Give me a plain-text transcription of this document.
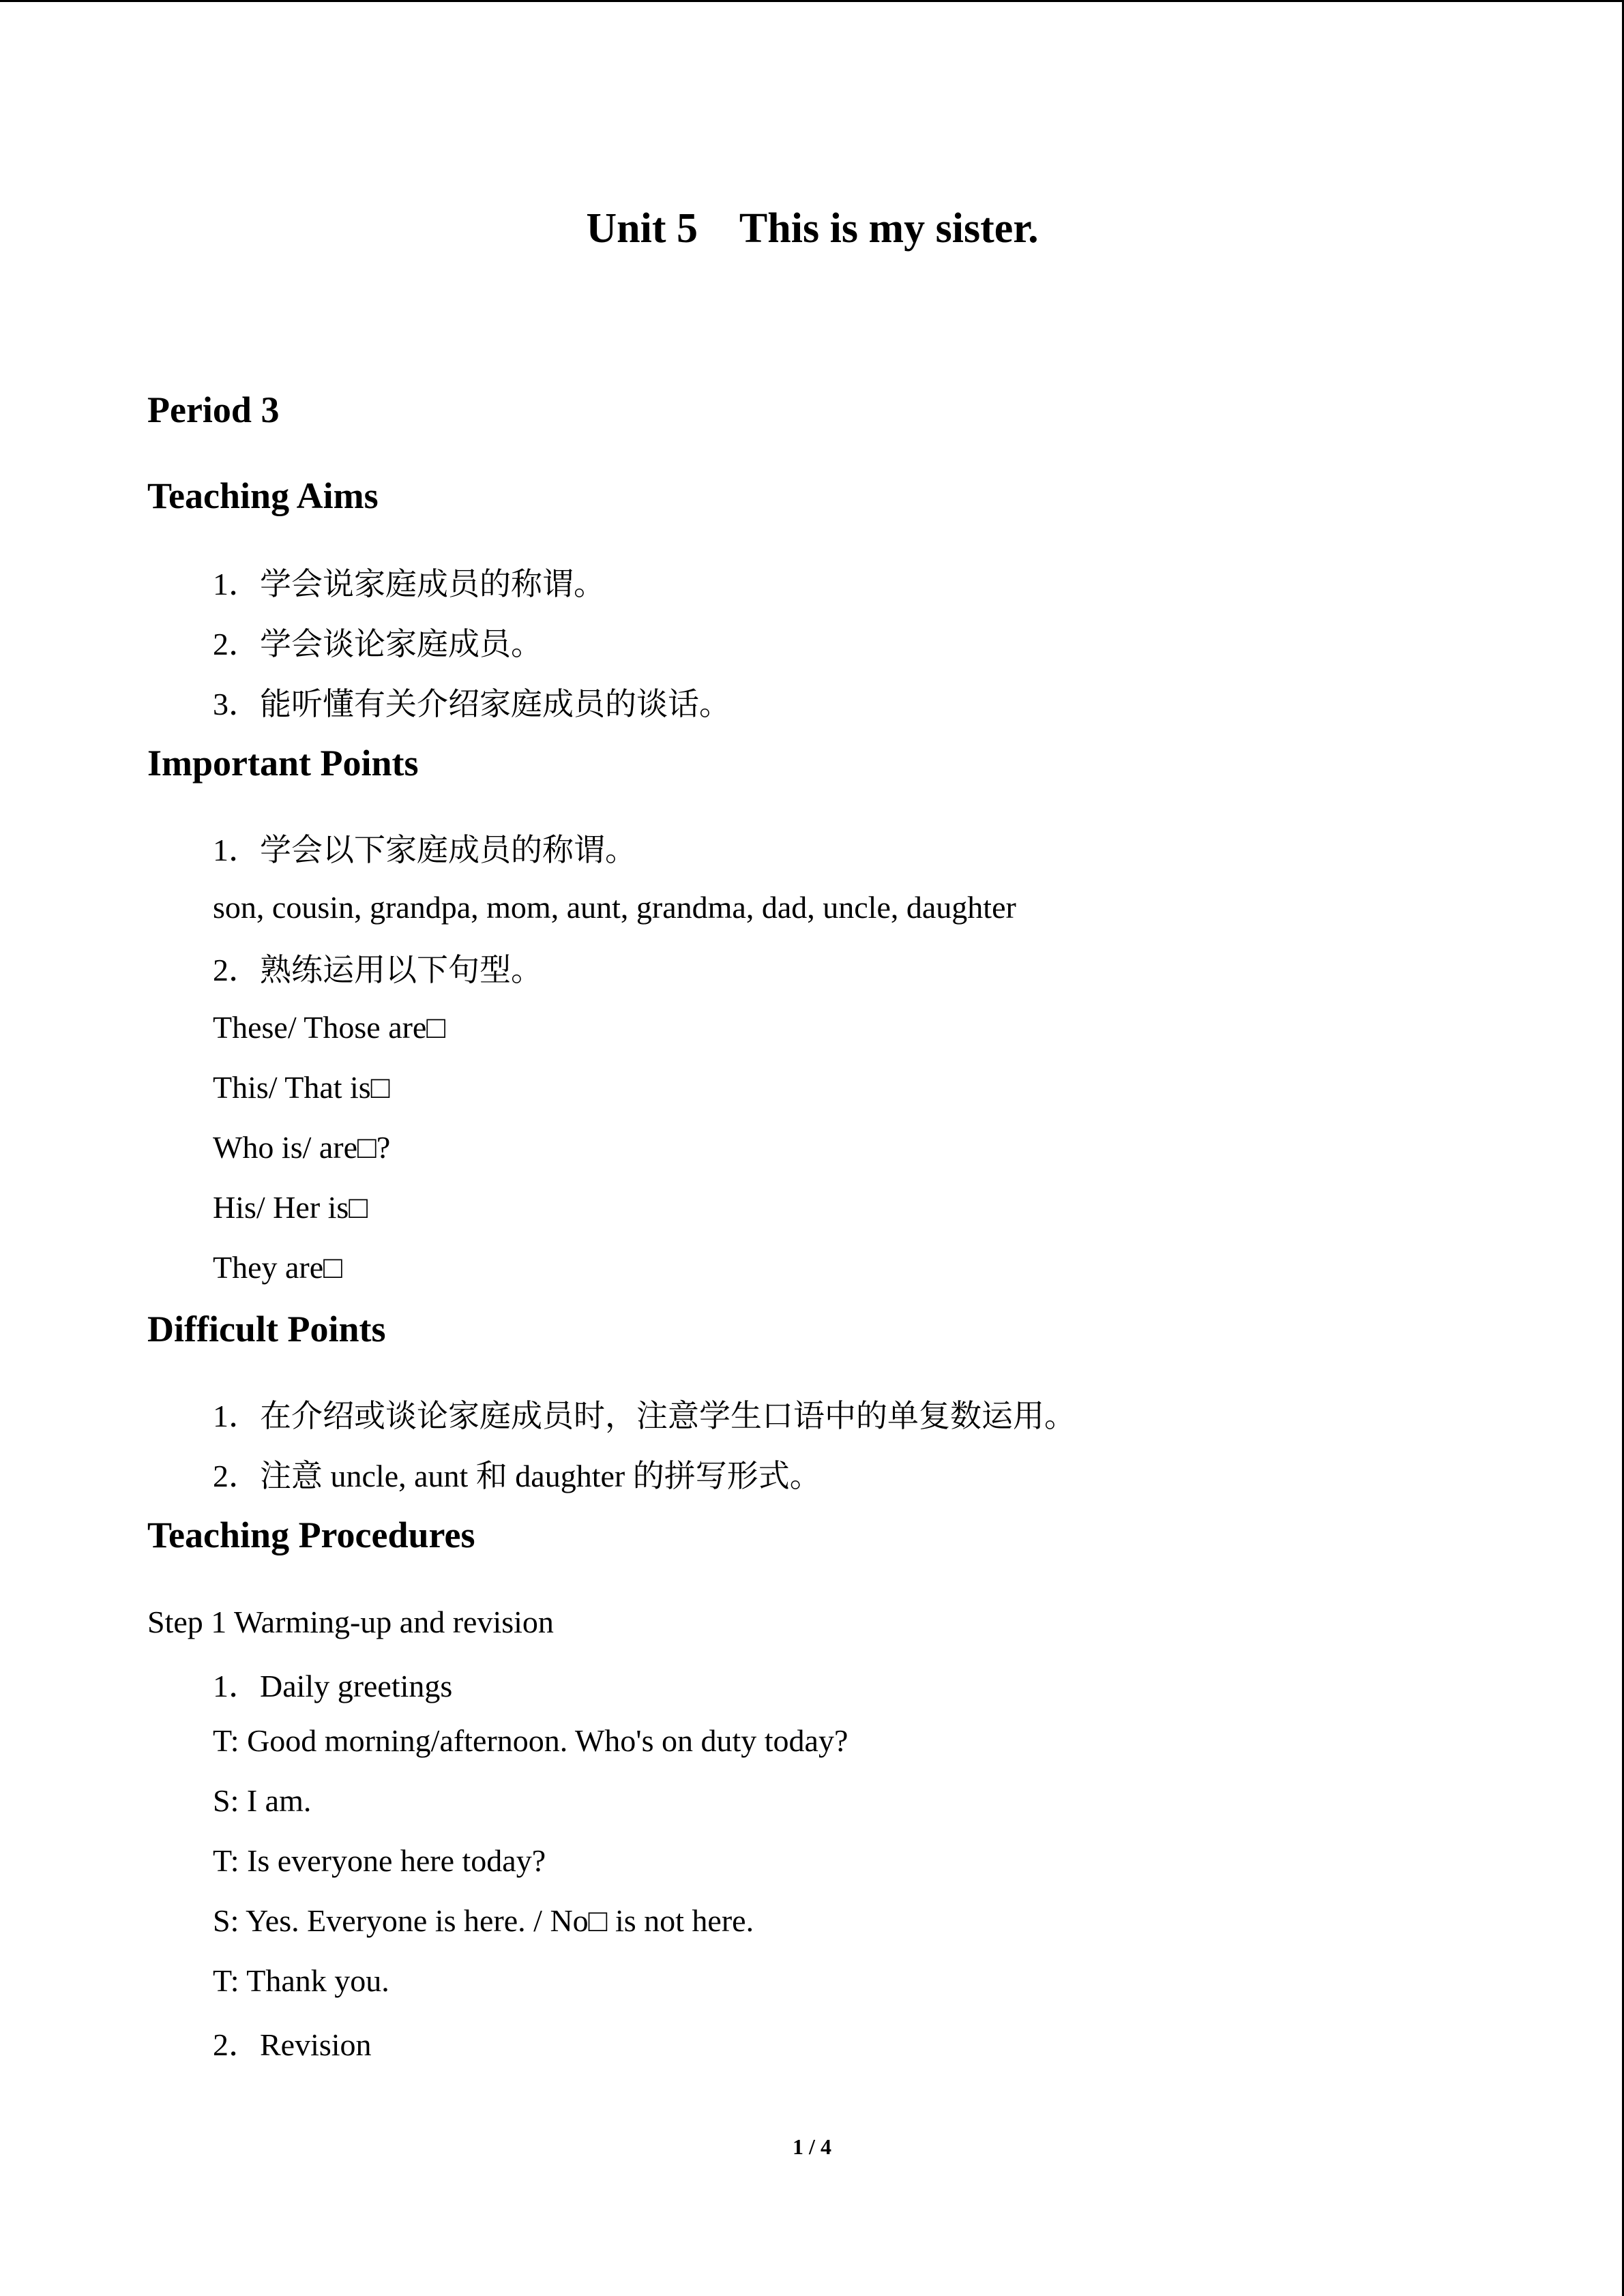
Unit 5    This is my sister.
Period 3
Teaching Aims
1．学会说家庭成员的称谓。
2．学会谈论家庭成员。
3．能听懂有关介绍家庭成员的谈话。
Important Points
1．学会以下家庭成员的称谓。
son, cousin, grandpa, mom, aunt, grandma, dad, uncle, daughter
2．熟练运用以下句型。
These/ Those are□
This/ That is□
Who is/ are□?
His/ Her is□
They are□
Difficult Points
1．在介绍或谈论家庭成员时，注意学生口语中的单复数运用。
2．注意 uncle, aunt 和 daughter 的拼写形式。
Teaching Procedures
Step 1 Warming-up and revision
1．Daily greetings
T: Good morning/afternoon. Who's on duty today?
S: I am.
T: Is everyone here today?
S: Yes. Everyone is here. / No□ is not here.
T: Thank you.
2．Revision
1 / 4
